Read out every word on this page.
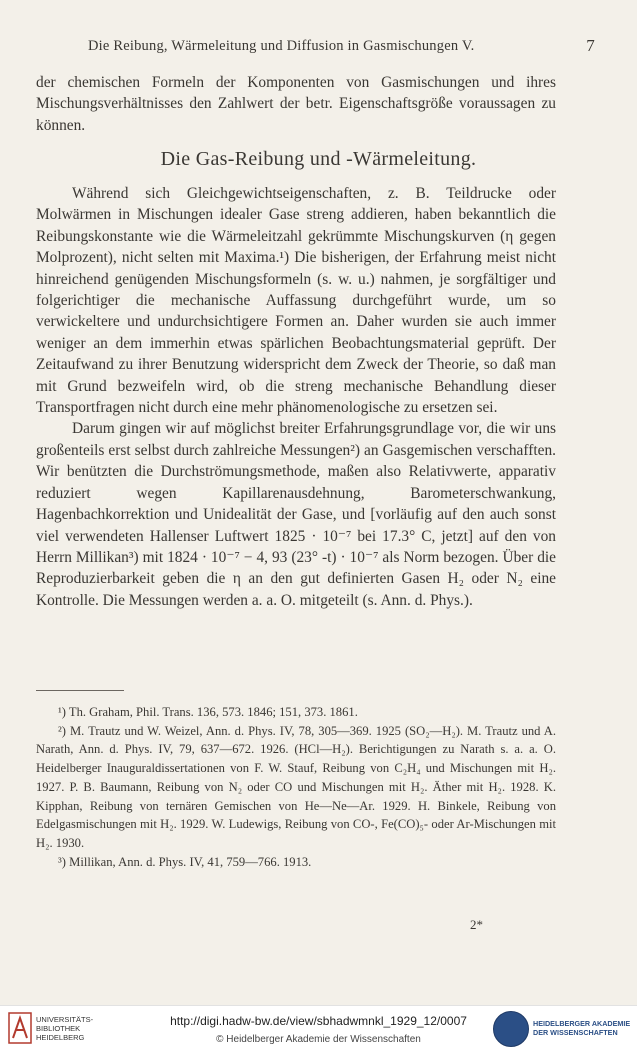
Die Reibung, Wärmeleitung und Diffusion in Gasmischungen V.	7

der chemischen Formeln der Komponenten von Gasmischungen und ihres Mischungsverhältnisses den Zahlwert der betr. Eigenschaftsgröße voraussagen zu können.

Die Gas-Reibung und -Wärmeleitung.

Während sich Gleichgewichtseigenschaften, z. B. Teildrucke oder Molwärmen in Mischungen idealer Gase streng addieren, haben bekanntlich die Reibungskonstante wie die Wärmeleitzahl gekrümmte Mischungskurven (η gegen Molprozent), nicht selten mit Maxima.¹) Die bisherigen, der Erfahrung meist nicht hinreichend genügenden Mischungsformeln (s. w. u.) nahmen, je sorgfältiger und folgerichtiger die mechanische Auffassung durchgeführt wurde, um so verwickeltere und undurchsichtigere Formen an. Daher wurden sie auch immer weniger an dem immerhin etwas spärlichen Beobachtungsmaterial geprüft. Der Zeitaufwand zu ihrer Benutzung widerspricht dem Zweck der Theorie, so daß man mit Grund bezweifeln wird, ob die streng mechanische Behandlung dieser Transportfragen nicht durch eine mehr phänomenologische zu ersetzen sei.

Darum gingen wir auf möglichst breiter Erfahrungsgrundlage vor, die wir uns großenteils erst selbst durch zahlreiche Messungen²) an Gasgemischen verschafften. Wir benützten die Durchströmungsmethode, maßen also Relativwerte, apparativ reduziert wegen Kapillarenausdehnung, Barometerschwankung, Hagenbachkorrektion und Unidealität der Gase, und [vorläufig auf den auch sonst viel verwendeten Hallenser Luftwert 1825 · 10⁻⁷ bei 17.3° C, jetzt] auf den von Herrn Millikan³) mit 1824 · 10⁻⁷ − 4, 93 (23° -t) · 10⁻⁷ als Norm bezogen. Über die Reproduzierbarkeit geben die η an den gut definierten Gasen H₂ oder N₂ eine Kontrolle. Die Messungen werden a. a. O. mitgeteilt (s. Ann. d. Phys.).

¹) Th. Graham, Phil. Trans. 136, 573. 1846; 151, 373. 1861.

²) M. Trautz und W. Weizel, Ann. d. Phys. IV, 78, 305—369. 1925 (SO₂—H₂). M. Trautz und A. Narath, Ann. d. Phys. IV, 79, 637—672. 1926. (HCl—H₂). Berichtigungen zu Narath s. a. a. O. Heidelberger Inauguraldissertationen von F. W. Stauf, Reibung von C₂H₄ und Mischungen mit H₂. 1927. P. B. Baumann, Reibung von N₂ oder CO und Mischungen mit H₂. Äther mit H₂. 1928. K. Kipphan, Reibung von ternären Gemischen von He—Ne—Ar. 1929. H. Binkele, Reibung von Edelgasmischungen mit H₂. 1929. W. Ludewigs, Reibung von CO-, Fe(CO)₅- oder Ar-Mischungen mit H₂. 1930.

³) Millikan, Ann. d. Phys. IV, 41, 759—766. 1913.

2*
UNIVERSITÄTS-
BIBLIOTHEK
HEIDELBERG
http://digi.hadw-bw.de/view/sbhadwmnkl_1929_12/0007
© Heidelberger Akademie der Wissenschaften
HEIDELBERGER AKADEMIE
DER WISSENSCHAFTEN
